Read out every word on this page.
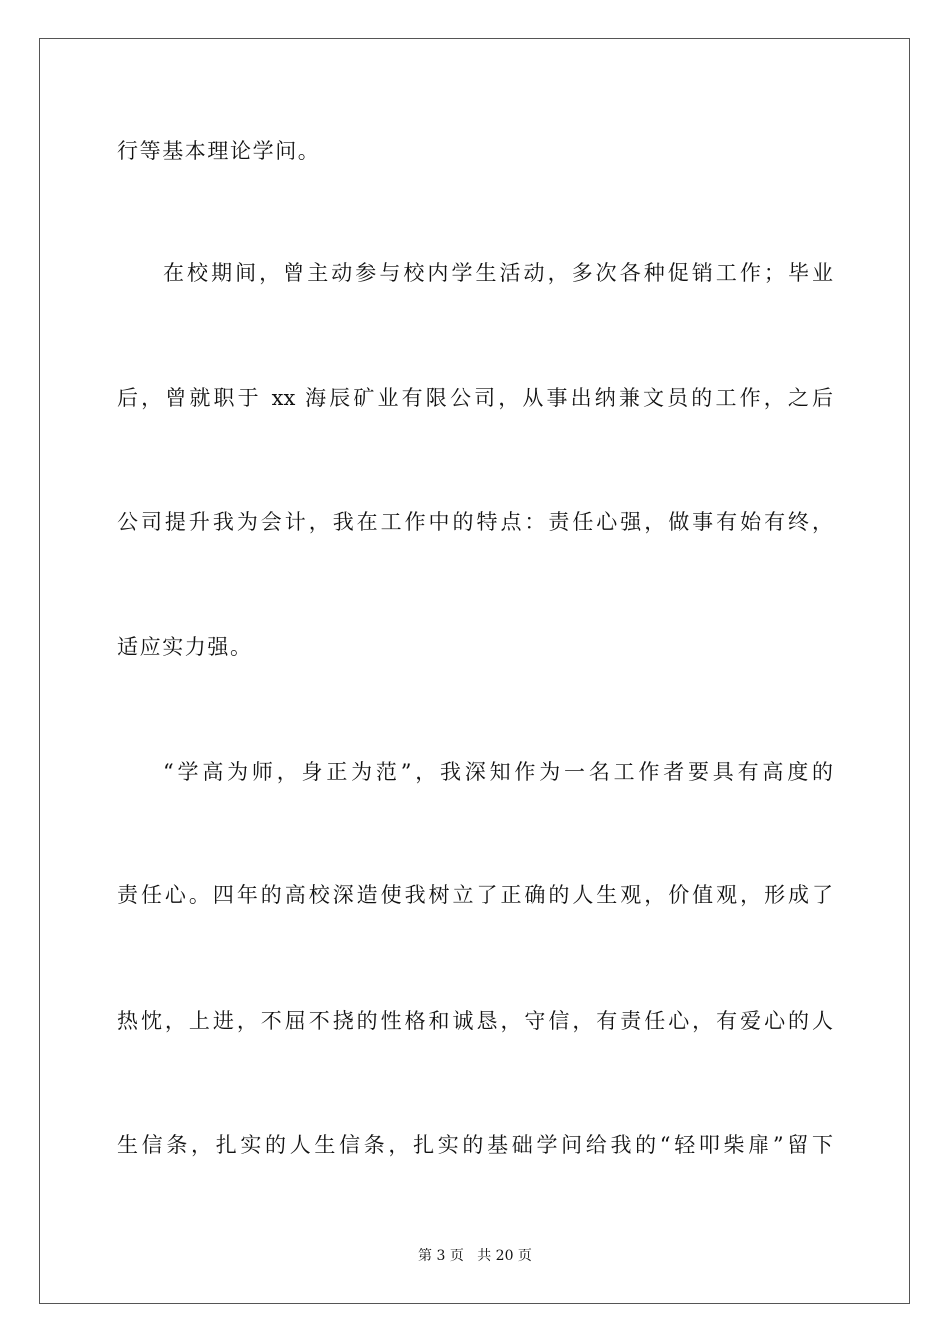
行等基本理论学问。
在校期间，曾主动参与校内学生活动，多次各种促销工作；毕业
后，曾就职于 xx 海辰矿业有限公司，从事出纳兼文员的工作，之后
公司提升我为会计，我在工作中的特点：责任心强，做事有始有终，
适应实力强。
“学高为师，身正为范”，我深知作为一名工作者要具有高度的
责任心。四年的高校深造使我树立了正确的人生观，价值观，形成了
热忱，上进，不屈不挠的性格和诚恳，守信，有责任心，有爱心的人
生信条，扎实的人生信条，扎实的基础学问给我的“轻叩柴扉”留下
第 3 页 共 20 页
